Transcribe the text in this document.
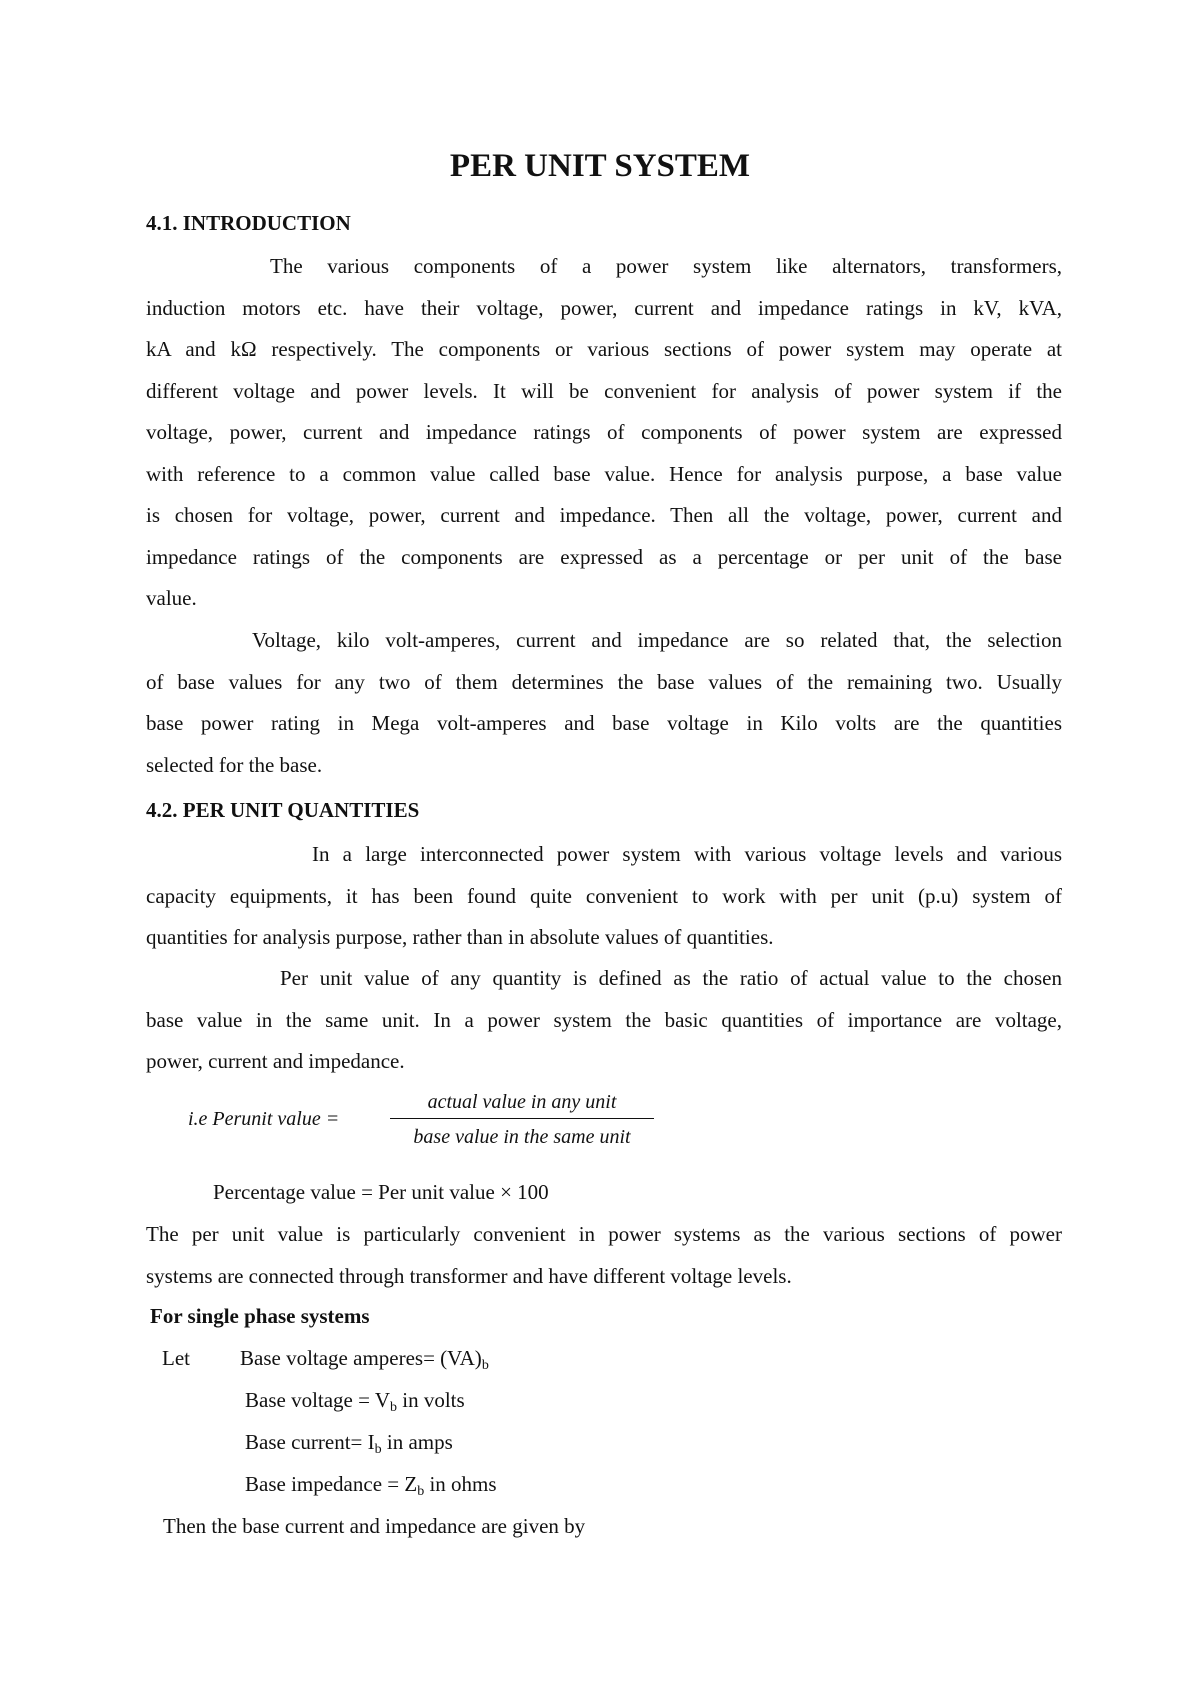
PER UNIT SYSTEM
4.1. INTRODUCTION
The various components of a power system like alternators, transformers,
induction motors etc. have their voltage, power, current and impedance ratings in kV, kVA,
kA and kΩ respectively. The components or various sections of power system may operate at
different voltage and power levels. It will be convenient for analysis of power system if the
voltage, power, current and impedance ratings of components of power system are expressed
with reference to a common value called base value. Hence for analysis purpose, a base value
is chosen for voltage, power, current and impedance. Then all the voltage, power, current and
impedance ratings of the components are expressed as a percentage or per unit of the base
value.
Voltage, kilo volt-amperes, current and impedance are so related that, the selection
of base values for any two of them determines the base values of the remaining two. Usually
base power rating in Mega volt-amperes and base voltage in Kilo volts are the quantities
selected for the base.
4.2. PER UNIT QUANTITIES
In a large interconnected power system with various voltage levels and various
capacity equipments, it has been found quite convenient to work with per unit (p.u) system of
quantities for analysis purpose, rather than in absolute values of quantities.
Per unit value of any quantity is defined as the ratio of actual value to the chosen
base value in the same unit. In a power system the basic quantities of importance are voltage,
power, current and impedance.
i.e Perunit value =
actual value in any unit
base value in the same unit
Percentage value = Per unit value × 100
The per unit value is particularly convenient in power systems as the various sections of power
systems are connected through transformer and have different voltage levels.
For single phase systems
Let Base voltage amperes= $(VA)_b$
Base voltage = $V_b$ in volts
Base current= $I_b$ in amps
Base impedance = $Z_b$ in ohms
Then the base current and impedance are given by
